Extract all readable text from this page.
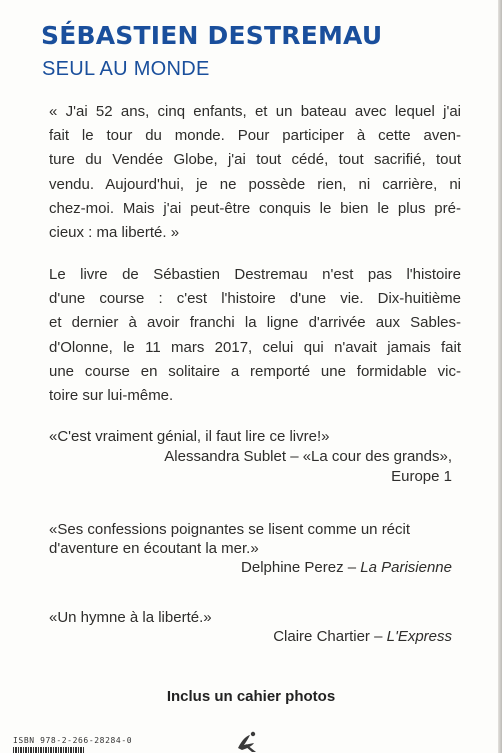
SÉBASTIEN DESTREMAU
SEUL AU MONDE
« J'ai 52 ans, cinq enfants, et un bateau avec lequel j'ai
fait le tour du monde. Pour participer à cette aven-
ture du Vendée Globe, j'ai tout cédé, tout sacrifié, tout
vendu. Aujourd'hui, je ne possède rien, ni carrière, ni
chez-moi. Mais j'ai peut-être conquis le bien le plus pré-
cieux : ma liberté. »
Le livre de Sébastien Destremau n'est pas l'histoire
d'une course : c'est l'histoire d'une vie. Dix-huitième
et dernier à avoir franchi la ligne d'arrivée aux Sables-
d'Olonne, le 11 mars 2017, celui qui n'avait jamais fait
une course en solitaire a remporté une formidable vic-
toire sur lui-même.
«C'est vraiment génial, il faut lire ce livre!»
Alessandra Sublet – «La cour des grands»,
Europe 1
«Ses confessions poignantes se lisent comme un récit
d'aventure en écoutant la mer.»
Delphine Perez – La Parisienne
«Un hymne à la liberté.»
Claire Chartier – L'Express
Inclus un cahier photos
ISBN 978-2-266-28284-0
